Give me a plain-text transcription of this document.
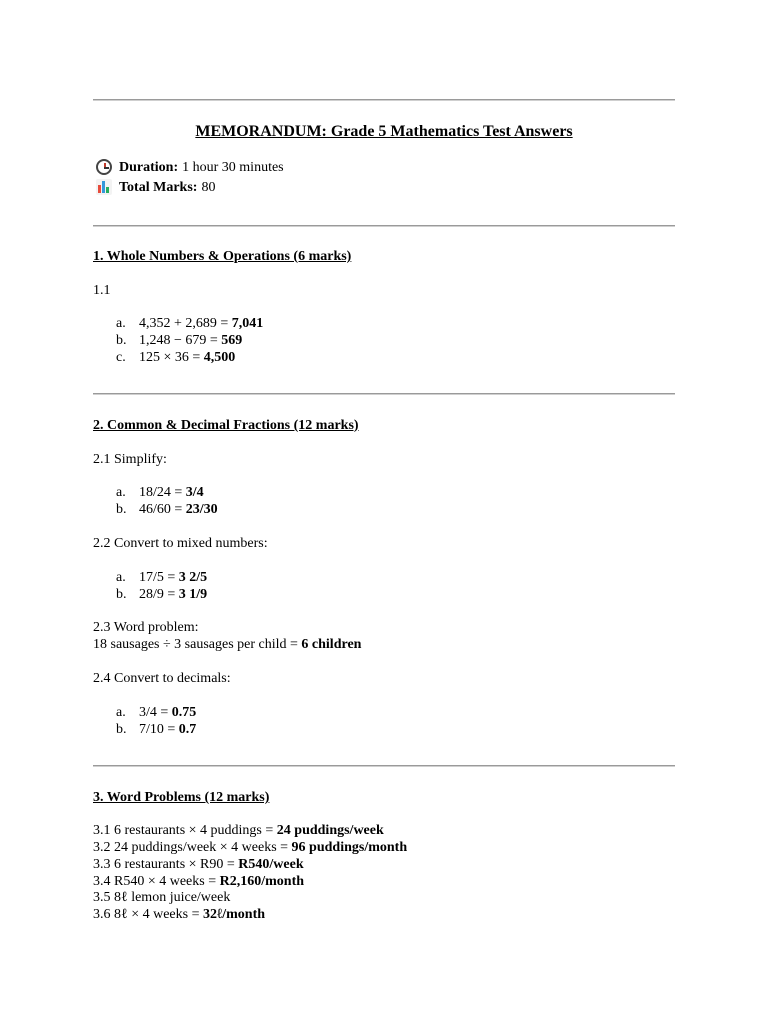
MEMORANDUM: Grade 5 Mathematics Test Answers
Duration: 1 hour 30 minutes
Total Marks: 80
1. Whole Numbers & Operations (6 marks)
1.1
a. 4,352 + 2,689 = 7,041
b. 1,248 − 679 = 569
c. 125 × 36 = 4,500
2. Common & Decimal Fractions (12 marks)
2.1 Simplify:
a. 18/24 = 3/4
b. 46/60 = 23/30
2.2 Convert to mixed numbers:
a. 17/5 = 3 2/5
b. 28/9 = 3 1/9
2.3 Word problem:
18 sausages ÷ 3 sausages per child = 6 children
2.4 Convert to decimals:
a. 3/4 = 0.75
b. 7/10 = 0.7
3. Word Problems (12 marks)
3.1 6 restaurants × 4 puddings = 24 puddings/week
3.2 24 puddings/week × 4 weeks = 96 puddings/month
3.3 6 restaurants × R90 = R540/week
3.4 R540 × 4 weeks = R2,160/month
3.5 8ℓ lemon juice/week
3.6 8ℓ × 4 weeks = 32ℓ/month
